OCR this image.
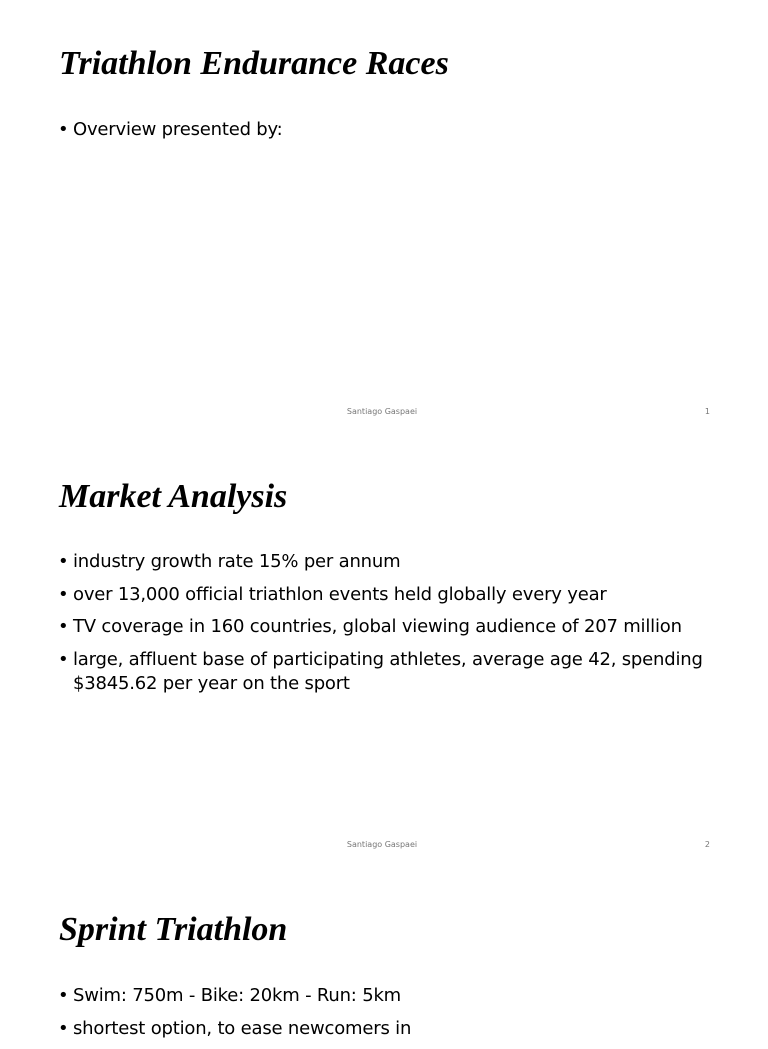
Triathlon Endurance Races
• Overview presented by:
Santiago Gaspaei	1
Market Analysis
• industry growth rate 15% per annum
• over 13,000 official triathlon events held globally every year
• TV coverage in 160 countries, global viewing audience of 207 million
• large, affluent base of participating athletes, average age 42, spending $3845.62 per year on the sport
Santiago Gaspaei	2
Sprint Triathlon
• Swim: 750m - Bike: 20km - Run: 5km
• shortest option, to ease newcomers in
